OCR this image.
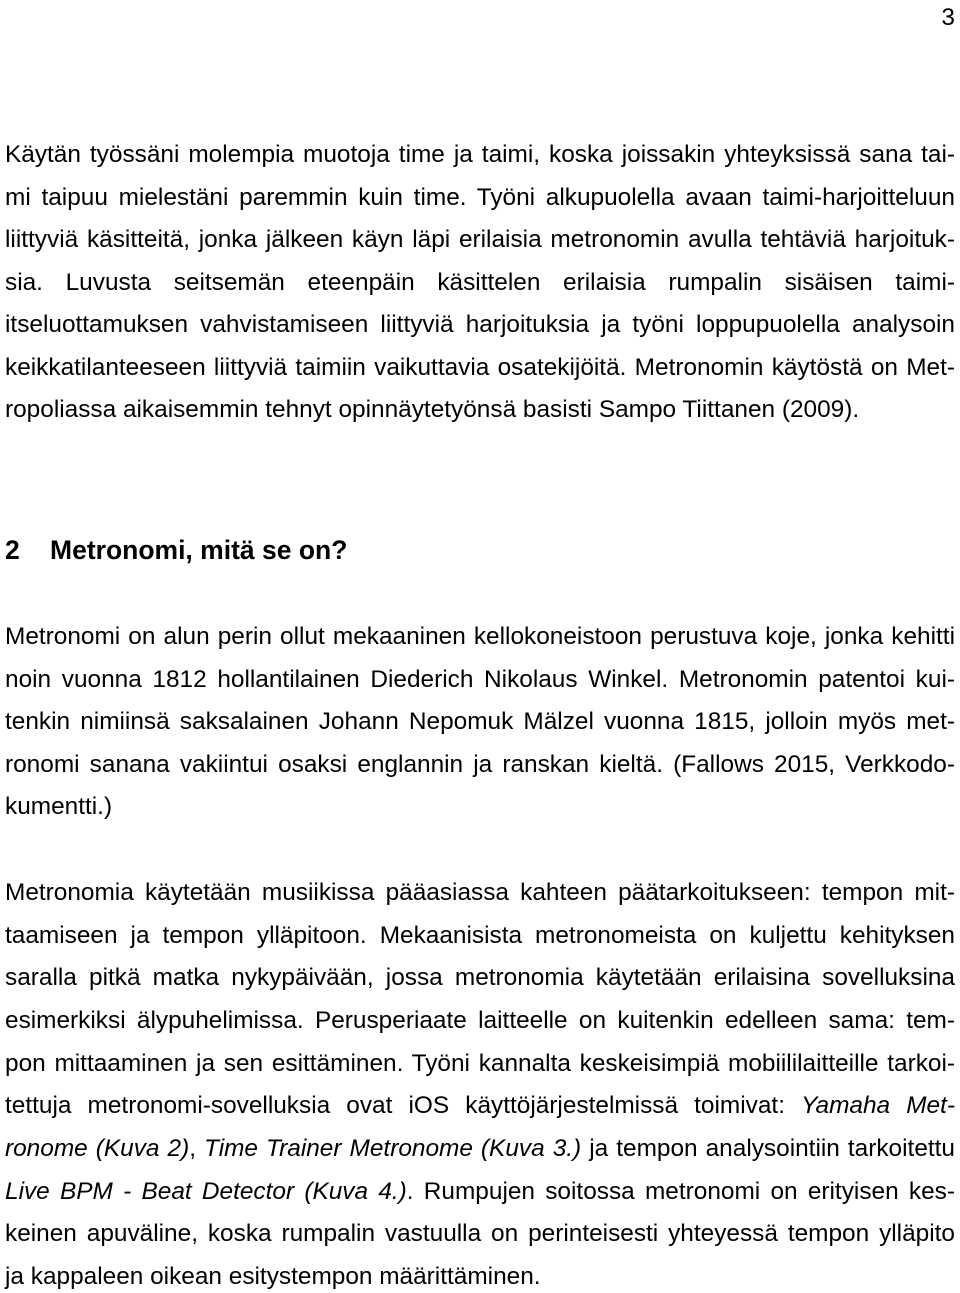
3
Käytän työssäni molempia muotoja time ja taimi, koska joissakin yhteyksissä sana tai-
mi taipuu mielestäni paremmin kuin time. Työni alkupuolella avaan taimi-harjoitteluun
liittyviä käsitteitä, jonka jälkeen käyn läpi erilaisia metronomin avulla tehtäviä harjoituk-
sia. Luvusta seitsemän eteenpäin käsittelen erilaisia rumpalin sisäisen taimi-
itseluottamuksen vahvistamiseen liittyviä harjoituksia ja työni loppupuolella analysoin
keikkatilanteeseen liittyviä taimiin vaikuttavia osatekijöitä. Metronomin käytöstä on Met-
ropoliassa aikaisemmin tehnyt opinnäytetyönsä basisti Sampo Tiittanen (2009).
2 Metronomi, mitä se on?
Metronomi on alun perin ollut mekaaninen kellokoneistoon perustuva koje, jonka kehitti
noin vuonna 1812 hollantilainen Diederich Nikolaus Winkel. Metronomin patentoi kui-
tenkin nimiinsä saksalainen Johann Nepomuk Mälzel vuonna 1815, jolloin myös met-
ronomi sanana vakiintui osaksi englannin ja ranskan kieltä. (Fallows 2015, Verkkodo-
kumentti.)
Metronomia käytetään musiikissa pääasiassa kahteen päätarkoitukseen: tempon mit-
taamiseen ja tempon ylläpitoon. Mekaanisista metronomeista on kuljettu kehityksen
saralla pitkä matka nykypäivään, jossa metronomia käytetään erilaisina sovelluksina
esimerkiksi älypuhelimissa. Perusperiaate laitteelle on kuitenkin edelleen sama: tem-
pon mittaaminen ja sen esittäminen. Työni kannalta keskeisimpiä mobiililaitteille tarkoi-
tettuja metronomi-sovelluksia ovat iOS käyttöjärjestelmissä toimivat: Yamaha Met-
ronome (Kuva 2), Time Trainer Metronome (Kuva 3.) ja tempon analysointiin tarkoitettu
Live BPM - Beat Detector (Kuva 4.). Rumpujen soitossa metronomi on erityisen kes-
keinen apuväline, koska rumpalin vastuulla on perinteisesti yhteyessä tempon ylläpito
ja kappaleen oikean esitystempon määrittäminen.
